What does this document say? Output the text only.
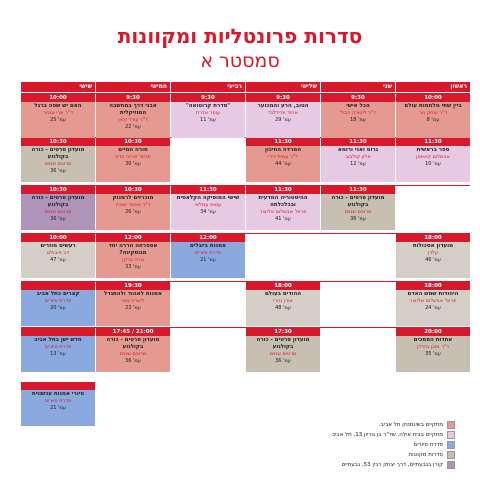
סדרות פרונטליות ומקוונות
סמסטר א
ראשון
שני
שלישי
רביעי
חמישי
שישי
10:00
ביין שתי מלחמות עולם
ד"ר יצחק נור
עמ' 8
9:30
הכל אישי
ד"ר ליטורה הביל
עמ' 18
9:30
הטוב, הרע והמכוער
אהוד פרידלנד
עמ' 29
9:30
"סדרת קרוטואה"
עופר אדרת
עמ' 11
9:30
אבני דרך במחשבה המוזיקלית
ד"ר עודד זהיון
עמ' 22
10:00
האם יש שפה ברגל
ד"ר ארי ונוביר
עמ' 25
11:30
ספר בראשית
אבשלום קאפמן
עמ' 10
11:30
גרוס ואני ורומא
אלון קולבוב
עמ' 12
11:30
המרדה החיכון
ד"ר עמית ירדי
עמ' 44
10:30
חורה המיים
פרופ' ארזה הדס
עמ' 30
10:30
מועדון סרטים - כורה בקולנוע
מרטים שנוים
עמ' 36
11:30
מועדון סרטים - כורה בקולנוע
מרטים שנוים
עמ' 36
11:30
ההיסטוריה המדעית ובכלכלתה
פרופ' אבשלום אליצור
עמ' 41
11:30
שישי המוסיקה הקלאסית
עמוס עמלאי
עמ' 34
10:30
מוכרזים לרמנוק
ד"ר אסטר שטרן
עמ' 26
10:30
מועדון סרטים - כורה בקולנוע
מרטים שנוים
עמ' 36
18:00
מועדון אסכולות
עלדן
עמ' 46
12:00
אמנות ביוגלים
סדרת סיורים
עמ' 21
12:00
אספרחה הררה יחד מגוסקינה?
נורה ברקן
עמ' 33
10:00
רעשים מוזרים
דב חיבולם
עמ' 47
18:00
היהודות שמש האדם
פרופ' אבשלום אליצור
עמ' 24
18:00
ההודים בעולם
אורן נהרי
עמ' 48
19:30
אמנות לאהוד ולהתגדל
ליטרה מוני
עמ' 23
קצרים כתל אביב
סדרת סיורים
עמ' 20
20:00
אחדות הסמכים
ד"ר מוכן נהרדן
עמ' 35
17:30
מועדון סרטים - כורה בקולנוע
מרטים שנוים
עמ' 36
21:00 / 17:45
מועדון סרטים - כורה בקולנוע
מרטים שנוים
עמ' 36
חדש ישן בתל אביב
סדרת סיורים
עמ' 13
סיורי אמנות עכשווית
סדרת סיורים
עמ' 21
מתקיים בשינמטק תל אביב.
מתקיים בבית אילה, שד"ר בן גוריון 13, תל אביב
סדרת סיורים
סדרות מקוונות
קורן בגבעתיים, דרך יצחק רבין 53, גבעתיים
